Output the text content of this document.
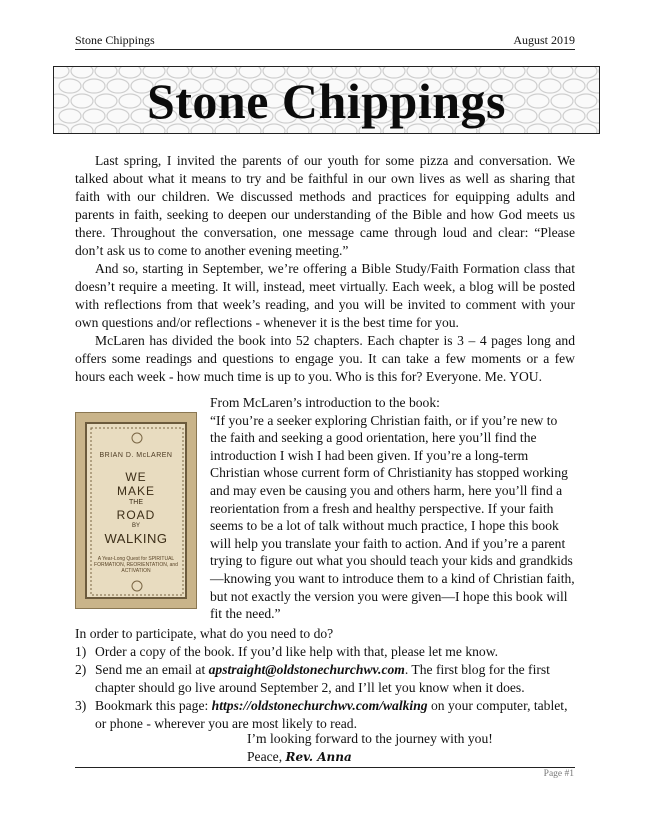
Stone Chippings	August 2019
Stone Chippings

Last spring, I invited the parents of our youth for some pizza and conversation. We talked about what it means to try and be faithful in our own lives as well as sharing that faith with our children. We discussed methods and practices for equipping adults and parents in faith, seeking to deepen our understanding of the Bible and how God meets us there. Throughout the conversation, one message came through loud and clear: “Please don’t ask us to come to another evening meeting.”

And so, starting in September, we’re offering a Bible Study/Faith Formation class that doesn’t require a meeting. It will, instead, meet virtually. Each week, a blog will be posted with reflections from that week’s reading, and you will be invited to comment with your own questions and/or reflections - whenever it is the best time for you.

McLaren has divided the book into 52 chapters. Each chapter is 3 – 4 pages long and offers some readings and questions to engage you. It can take a few moments or a few hours each week - how much time is up to you. Who is this for? Everyone. Me. YOU.

BRIAN D. McLAREN
WE
MAKE
THE
ROAD
BY
WALKING
A Year-Long Quest for SPIRITUAL FORMATION, REORIENTATION, and ACTIVATION

From McLaren’s introduction to the book:

“If you’re a seeker exploring Christian faith, or if you’re new to the faith and seeking a good orientation, here you’ll find the introduction I wish I had been given. If you’re a long-term Christian whose current form of Christianity has stopped working and may even be causing you and others harm, here you’ll find a reorientation from a fresh and healthy perspective. If your faith seems to be a lot of talk without much practice, I hope this book will help you translate your faith to action. And if you’re a parent trying to figure out what you should teach your kids and grandkids—knowing you want to introduce them to a kind of Christian faith, but not exactly the version you were given—I hope this book will fit the need.”

In order to participate, what do you need to do?

1) Order a copy of the book. If you’d like help with that, please let me know.
2) Send me an email at apstraight@oldstonechurchwv.com. The first blog for the first chapter should go live around September 2, and I’ll let you know when it does.
3) Bookmark this page: https://oldstonechurchwv.com/walking on your computer, tablet, or phone - wherever you are most likely to read.
I’m looking forward to the journey with you!
Peace, Rev. Anna
Page #1
